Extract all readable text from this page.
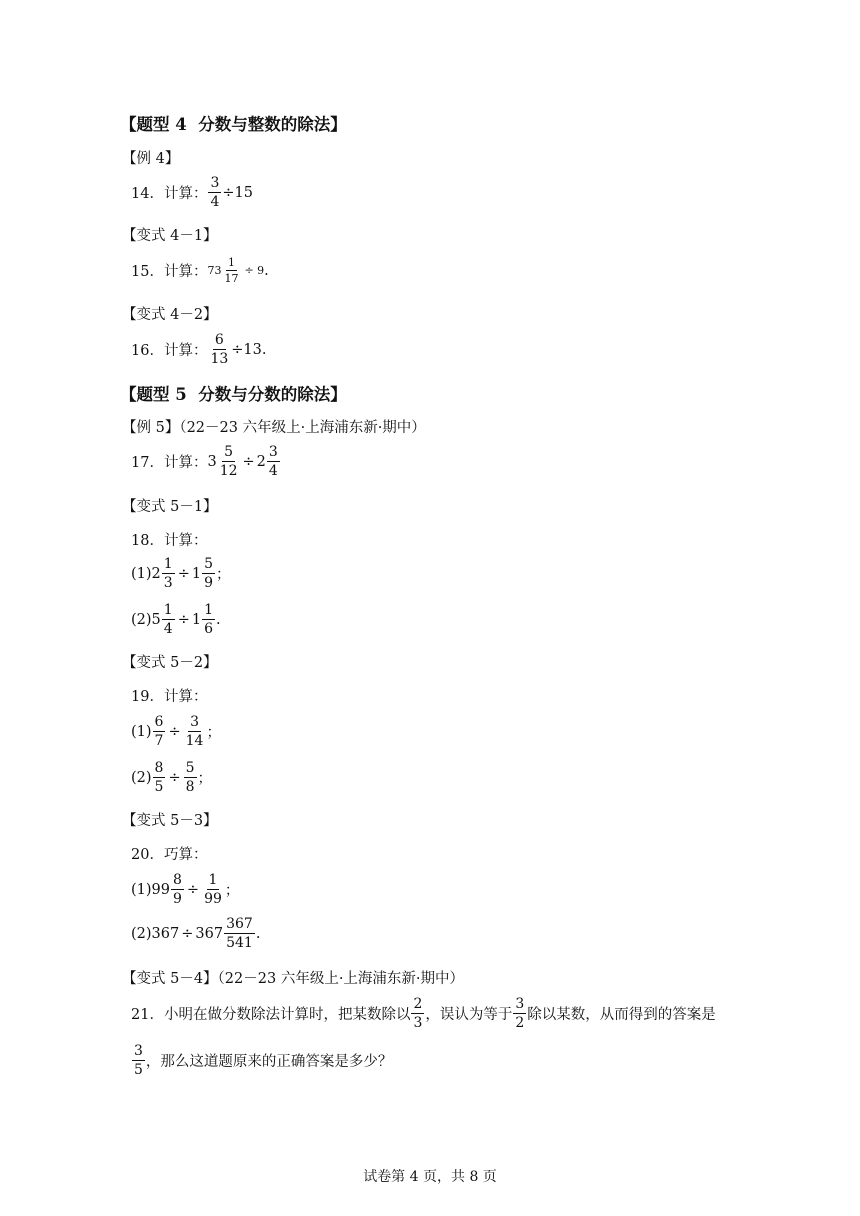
【 题型 4
分数与整数的除法 】
【例 4】
14．计算： $\frac{3}{4} \div 15$
【变式 4－1】
15．计算： $73 \frac{1}{17} \div 9$ .
【变式 4－2】
16．计算： $\frac{6}{13} \div 13$ .
【 题型 5
分数与分数的除法 】
【例 5】（22－23 六年级上·上海浦东新·期中）
17．计算： $3 \frac{5}{12} \div 2 \frac{3}{4}$
【变式 5－1】
18．计算：
(1) $2 \frac{1}{3} \div 1 \frac{5}{9}$ ；
(2) $5 \frac{1}{4} \div 1 \frac{1}{6}$ .
【变式 5－2】
19．计算：
$(1) \frac{6}{7} \div \frac{3}{14}$ ；
$(2) \frac{8}{5} \div \frac{5}{8}$ ；
【变式 5－3】
20．巧算：
(1) $99 \frac{8}{9} \div \frac{1}{99}$ ；
(2) $367 \div 367 \frac{367}{541}$ .
【变式 5－4】（22－23 六年级上·上海浦东新·期中）
21．小明在做分数除法计算时，把某数除以 $\frac{2}{3}$ ，误认为等于 $\frac{3}{2}$ 除以某数，从而得到的答案是
$\frac{3}{5}$ ，那么这道题原来的正确答案是多少？
试卷第 4 页，共 8 页
